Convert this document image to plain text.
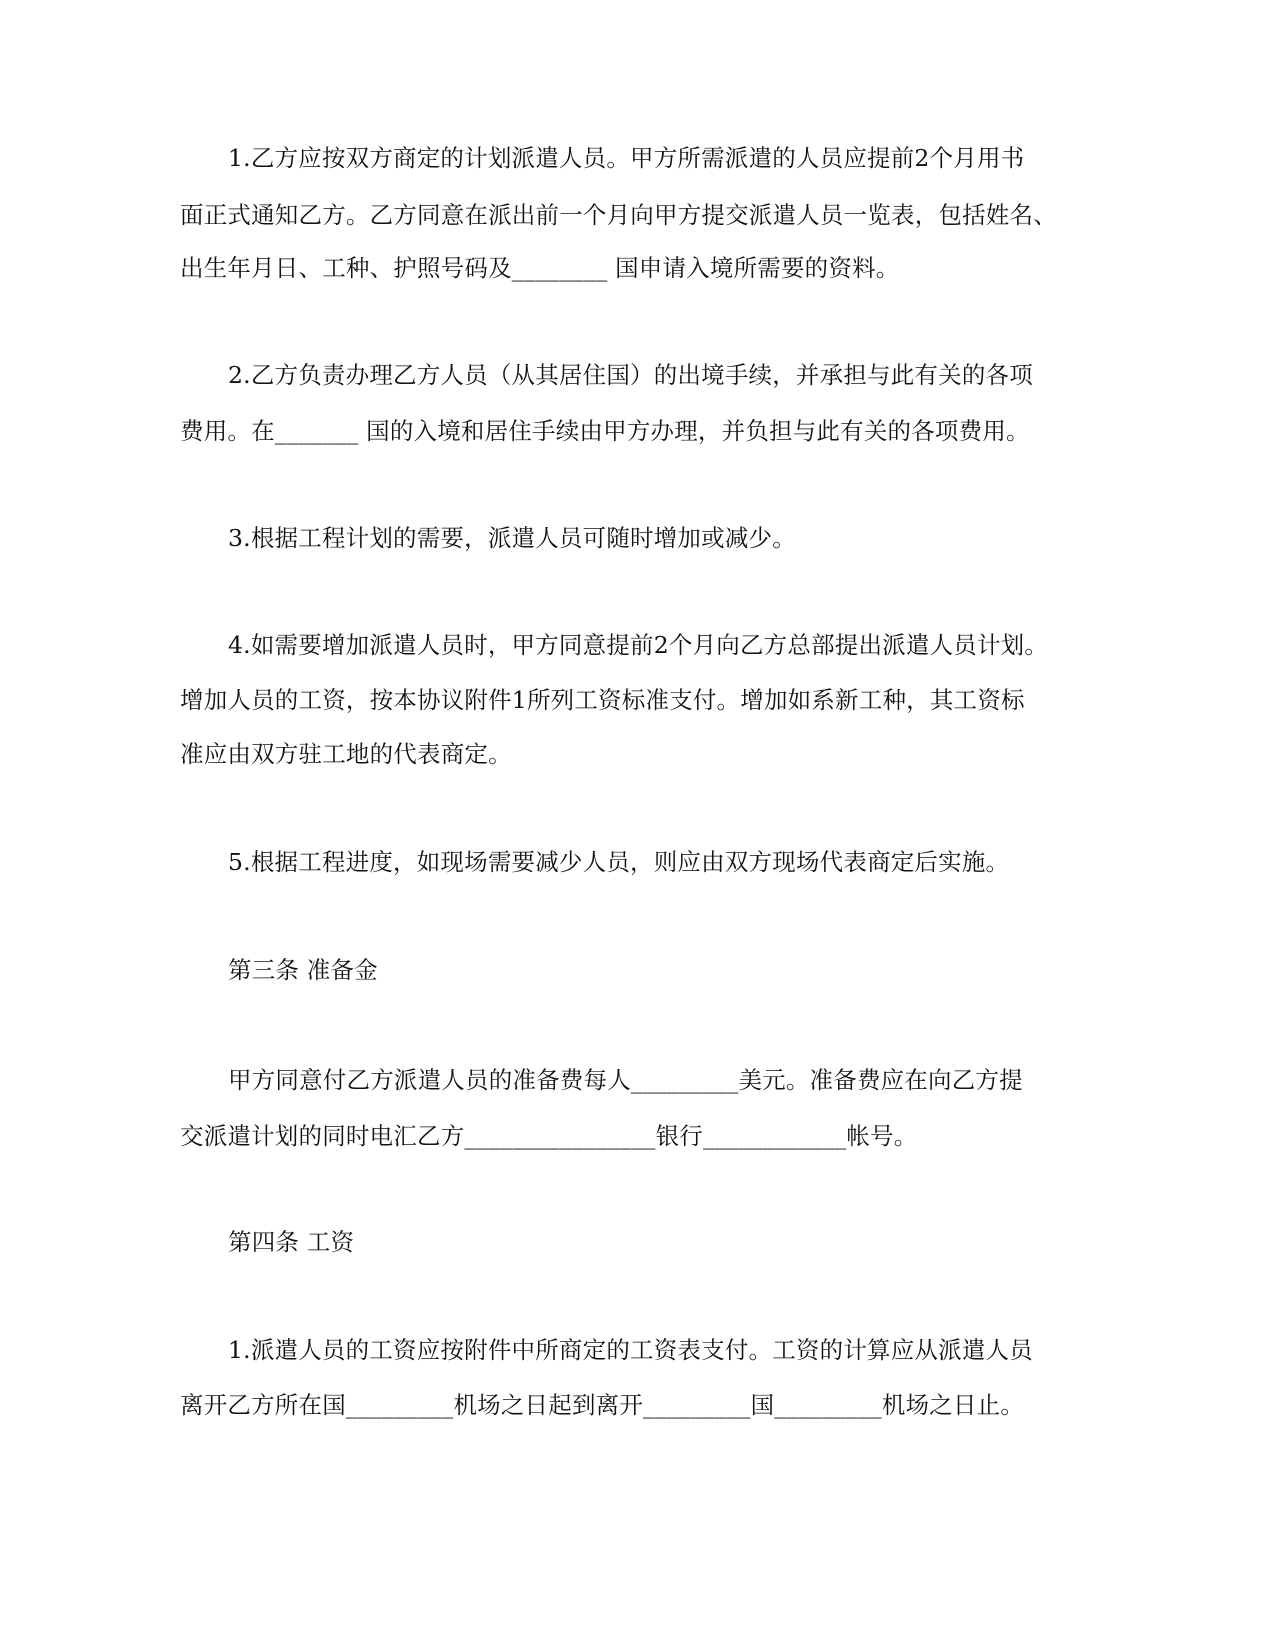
1.乙方应按双方商定的计划派遣人员。甲方所需派遣的人员应提前2个月用书
面正式通知乙方。乙方同意在派出前一个月向甲方提交派遣人员一览表，包括姓名、
出生年月日、工种、护照号码及________ 国申请入境所需要的资料。
2.乙方负责办理乙方人员（从其居住国）的出境手续，并承担与此有关的各项
费用。在_______ 国的入境和居住手续由甲方办理，并负担与此有关的各项费用。
3.根据工程计划的需要，派遣人员可随时增加或减少。
4.如需要增加派遣人员时，甲方同意提前2个月向乙方总部提出派遣人员计划。
增加人员的工资，按本协议附件1所列工资标准支付。增加如系新工种，其工资标
准应由双方驻工地的代表商定。
5.根据工程进度，如现场需要减少人员，则应由双方现场代表商定后实施。
第三条 准备金
甲方同意付乙方派遣人员的准备费每人_________美元。准备费应在向乙方提
交派遣计划的同时电汇乙方________________银行____________帐号。
第四条 工资
1.派遣人员的工资应按附件中所商定的工资表支付。工资的计算应从派遣人员
离开乙方所在国_________机场之日起到离开_________国_________机场之日止。
